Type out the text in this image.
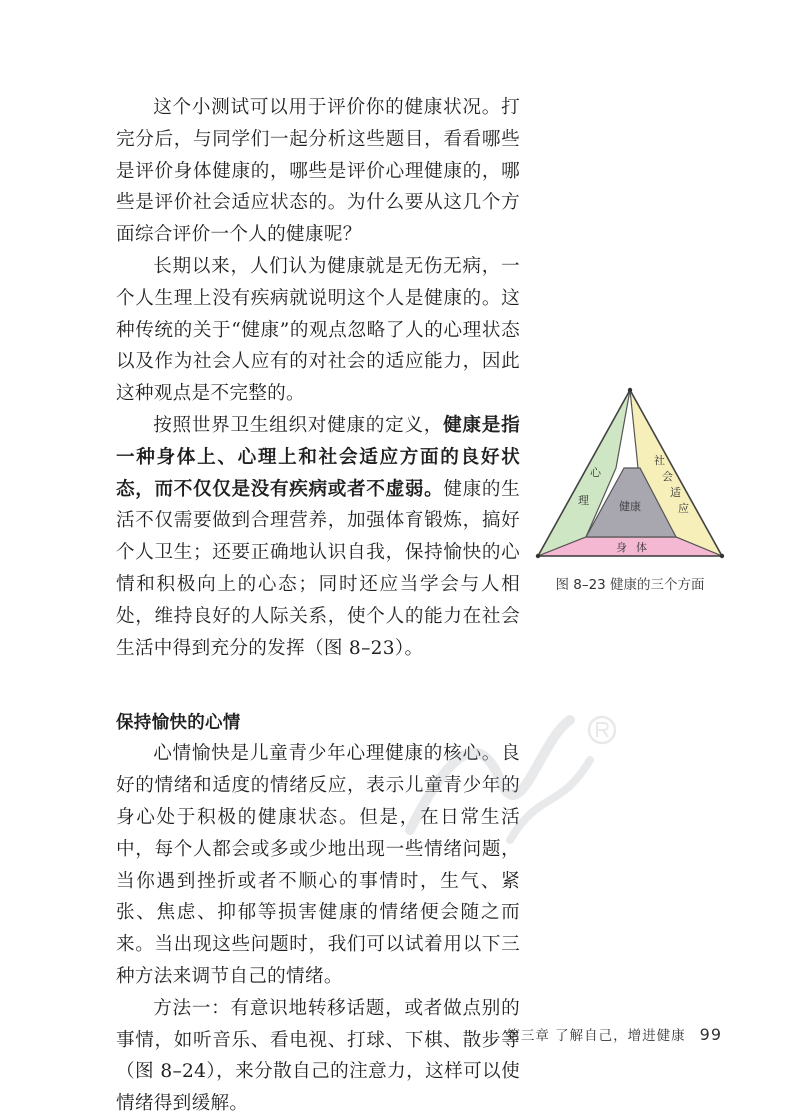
这个小测试可以用于评价你的健康状况。打完分后，与同学们一起分析这些题目，看看哪些是评价身体健康的，哪些是评价心理健康的，哪些是评价社会适应状态的。为什么要从这几个方面综合评价一个人的健康呢？

长期以来，人们认为健康就是无伤无病，一个人生理上没有疾病就说明这个人是健康的。这种传统的关于“健康”的观点忽略了人的心理状态以及作为社会人应有的对社会的适应能力，因此这种观点是不完整的。

按照世界卫生组织对健康的定义，健康是指一种身体上、心理上和社会适应方面的良好状态，而不仅仅是没有疾病或者不虚弱。健康的生活不仅需要做到合理营养，加强体育锻炼，搞好个人卫生；还要正确地认识自我，保持愉快的心情和积极向上的心态；同时还应当学会与人相处，维持良好的人际关系，使个人的能力在社会生活中得到充分的发挥（图 8–23）。

保持愉快的心情

心情愉快是儿童青少年心理健康的核心。良好的情绪和适度的情绪反应，表示儿童青少年的身心处于积极的健康状态。但是，在日常生活中，每个人都会或多或少地出现一些情绪问题，当你遇到挫折或者不顺心的事情时，生气、紧张、焦虑、抑郁等损害健康的情绪便会随之而来。当出现这些问题时，我们可以试着用以下三种方法来调节自己的情绪。

方法一：有意识地转移话题，或者做点别的事情，如听音乐、看电视、打球、下棋、散步等（图 8–24），来分散自己的注意力，这样可以使情绪得到缓解。

心
理
社
会
适
应
健康
身 体
图 8–23 健康的三个方面
第三章 了解自己，增进健康 99
